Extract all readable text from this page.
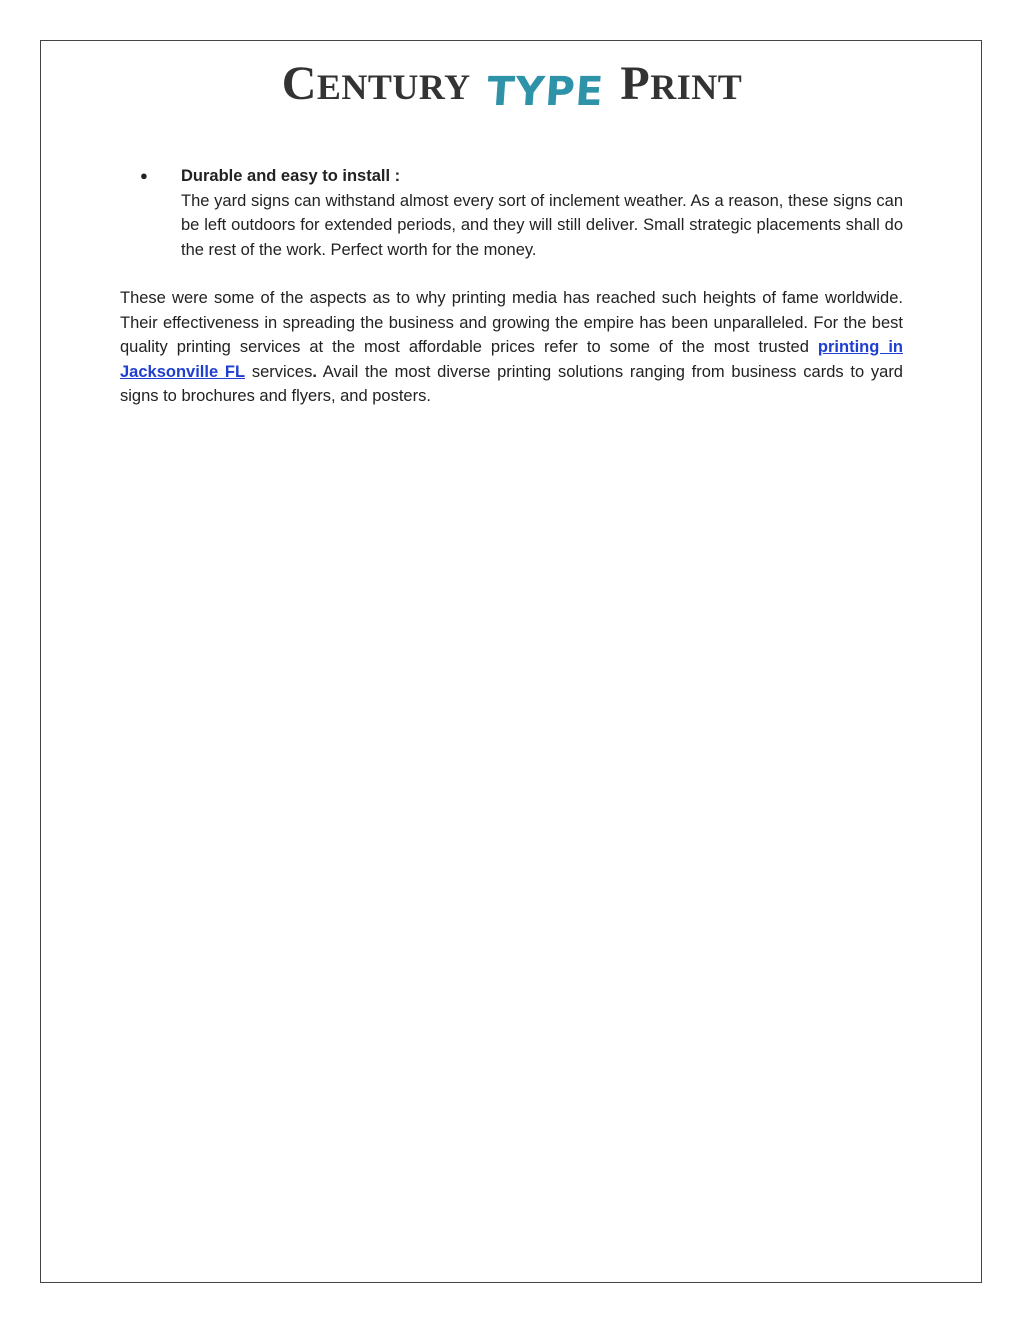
CENTURY TYPE PRINT
● Durable and easy to install :
The yard signs can withstand almost every sort of inclement weather. As a reason, these signs can be left outdoors for extended periods, and they will still deliver. Small strategic placements shall do the rest of the work. Perfect worth for the money.

These were some of the aspects as to why printing media has reached such heights of fame worldwide. Their effectiveness in spreading the business and growing the empire has been unparalleled. For the best quality printing services at the most affordable prices refer to some of the most trusted printing in Jacksonville FL services. Avail the most diverse printing solutions ranging from business cards to yard signs to brochures and flyers, and posters.
